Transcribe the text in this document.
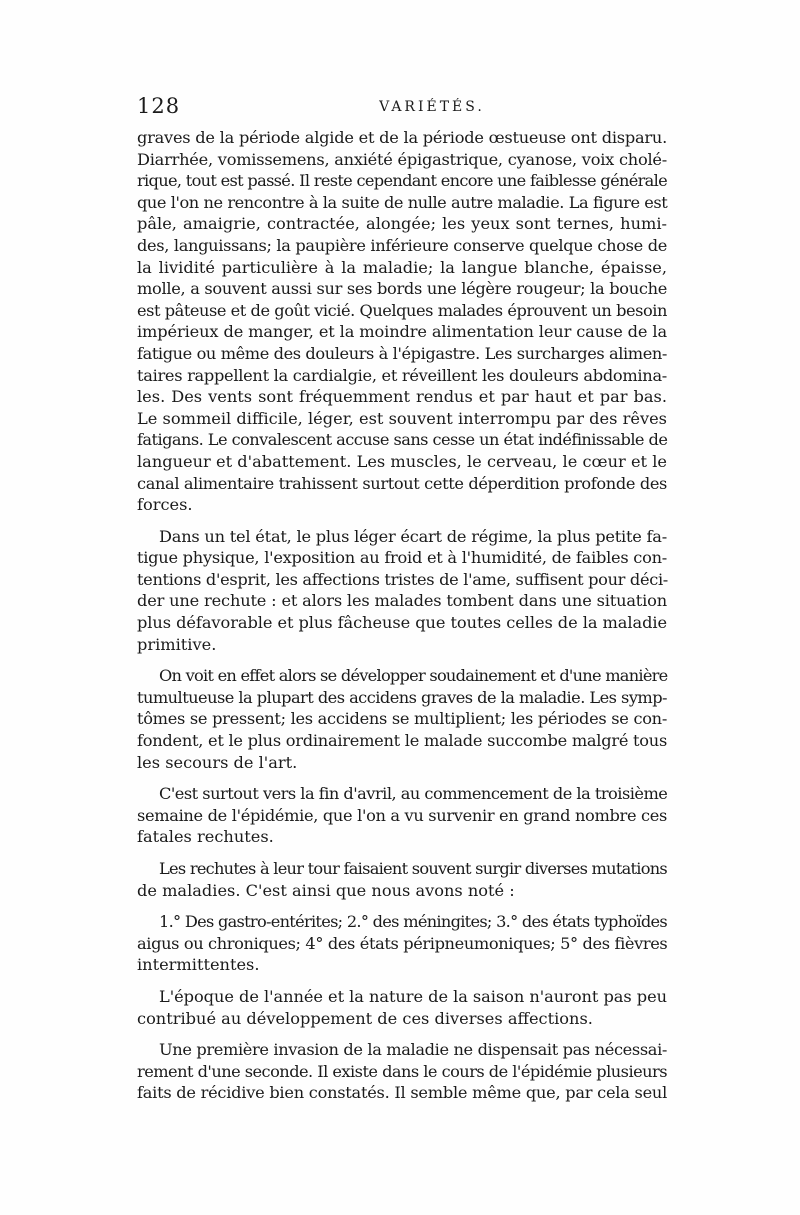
128	VARIÉTÉS.
graves de la période algide et de la période œstueuse ont disparu.
Diarrhée, vomissemens, anxiété épigastrique, cyanose, voix cholé-
rique, tout est passé. Il reste cependant encore une faiblesse générale
que l'on ne rencontre à la suite de nulle autre maladie. La figure est
pâle, amaigrie, contractée, alongée; les yeux sont ternes, humi-
des, languissans; la paupière inférieure conserve quelque chose de
la lividité particulière à la maladie; la langue blanche, épaisse,
molle, a souvent aussi sur ses bords une légère rougeur; la bouche
est pâteuse et de goût vicié. Quelques malades éprouvent un besoin
impérieux de manger, et la moindre alimentation leur cause de la
fatigue ou même des douleurs à l'épigastre. Les surcharges alimen-
taires rappellent la cardialgie, et réveillent les douleurs abdomina-
les. Des vents sont fréquemment rendus et par haut et par bas.
Le sommeil difficile, léger, est souvent interrompu par des rêves
fatigans. Le convalescent accuse sans cesse un état indéfinissable de
langueur et d'abattement. Les muscles, le cerveau, le cœur et le
canal alimentaire trahissent surtout cette déperdition profonde des
forces.
Dans un tel état, le plus léger écart de régime, la plus petite fa-
tigue physique, l'exposition au froid et à l'humidité, de faibles con-
tentions d'esprit, les affections tristes de l'ame, suffisent pour déci-
der une rechute : et alors les malades tombent dans une situation
plus défavorable et plus fâcheuse que toutes celles de la maladie
primitive.
On voit en effet alors se développer soudainement et d'une manière
tumultueuse la plupart des accidens graves de la maladie. Les symp-
tômes se pressent; les accidens se multiplient; les périodes se con-
fondent, et le plus ordinairement le malade succombe malgré tous
les secours de l'art.
C'est surtout vers la fin d'avril, au commencement de la troisième
semaine de l'épidémie, que l'on a vu survenir en grand nombre ces
fatales rechutes.
Les rechutes à leur tour faisaient souvent surgir diverses mutations
de maladies. C'est ainsi que nous avons noté :
1.° Des gastro-entérites; 2.° des méningites; 3.° des états typhoïdes
aigus ou chroniques; 4° des états péripneumoniques; 5° des fièvres
intermittentes.
L'époque de l'année et la nature de la saison n'auront pas peu
contribué au développement de ces diverses affections.
Une première invasion de la maladie ne dispensait pas nécessai-
rement d'une seconde. Il existe dans le cours de l'épidémie plusieurs
faits de récidive bien constatés. Il semble même que, par cela seul
